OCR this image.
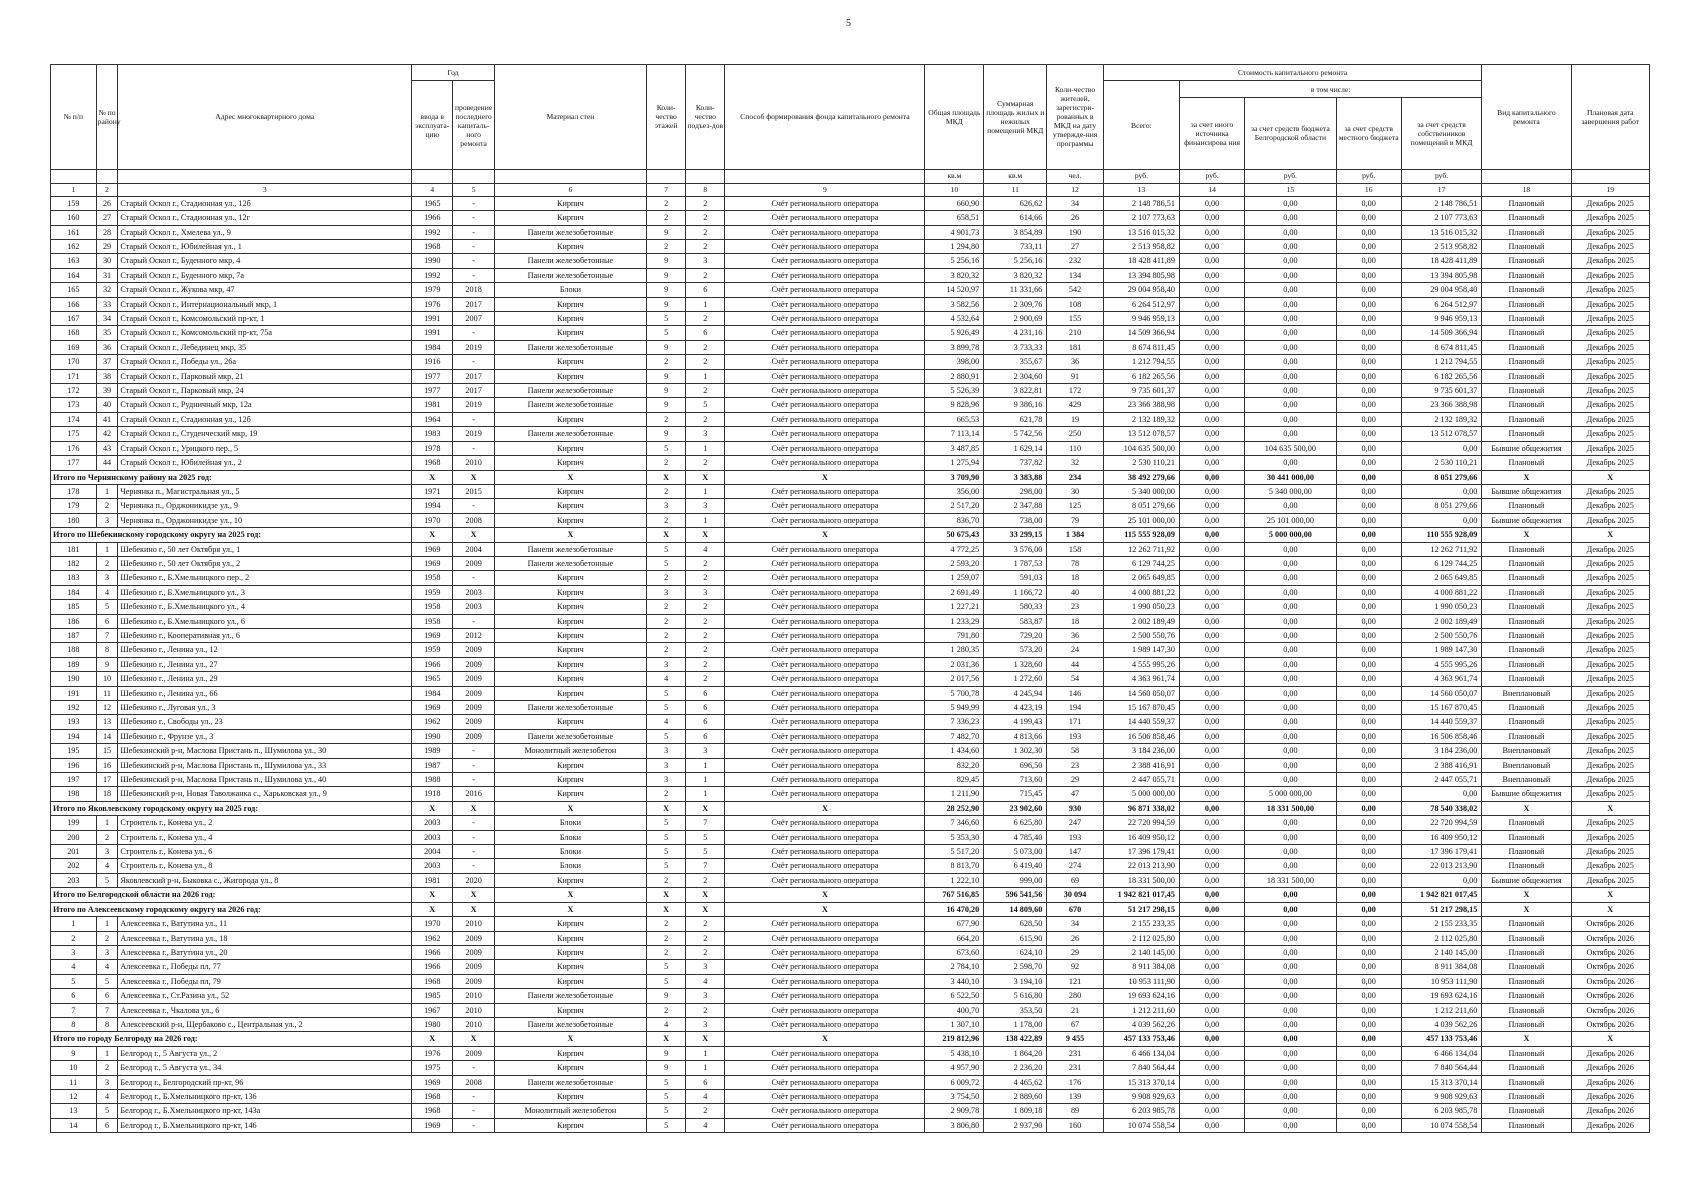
5
№ п/п	№ по району	Адрес многоквартирного дома	Год		Материал стен	Коли-чество этажей	Коли-чество подъез-дов	Способ формирования фонда капитального ремонта	Общая площадь МКД	Суммарная площадь жилых и нежилых помещений МКД	Коли-чество жителей, зарегистри-рованных в МКД на дату утвержде-ния программы	Стоимость капитального ремонта					Вид капитального ремонта	Плановая дата завершения работ
			ввода в эксплуата-цию	проведение последнего капиталь-ного ремонта								Всего:	в том числе:					
													за счет иного источника финансирова ния	за счет средств бюджета Белгородской области	за счет средств местного бюджета	за счет средств собственников помещений в МКД		
									кв.м	кв.м	чел.	руб.	руб.	руб.	руб.	руб.		
1	2	3	4	5	6	7	8	9	10	11	12	13	14	15	16	17	18	19
159	26	Старый Оскол г., Стадионная ул., 12б	1965	-	Кирпич	2	2	Счёт регионального оператора	660,90	626,62	34	2 148 786,51	0,00	0,00	0,00	2 148 786,51	Плановый	Декабрь 2025
160	27	Старый Оскол г., Стадионная ул., 12г	1966	-	Кирпич	2	2	Счёт регионального оператора	658,51	614,66	26	2 107 773,63	0,00	0,00	0,00	2 107 773,63	Плановый	Декабрь 2025
161	28	Старый Оскол г., Хмелева ул., 9	1992	-	Панели железобетонные	9	2	Счёт регионального оператора	4 901,73	3 854,89	190	13 516 015,32	0,00	0,00	0,00	13 516 015,32	Плановый	Декабрь 2025
162	29	Старый Оскол г., Юбилейная ул., 1	1968	-	Кирпич	2	2	Счёт регионального оператора	1 294,80	733,11	27	2 513 958,82	0,00	0,00	0,00	2 513 958,82	Плановый	Декабрь 2025
163	30	Старый Оскол г., Буденного мкр, 4	1990	-	Панели железобетонные	9	3	Счёт регионального оператора	5 256,16	5 256,16	232	18 428 411,89	0,00	0,00	0,00	18 428 411,89	Плановый	Декабрь 2025
164	31	Старый Оскол г., Буденного мкр, 7а	1992	-	Панели железобетонные	9	2	Счёт регионального оператора	3 820,32	3 820,32	134	13 394 805,98	0,00	0,00	0,00	13 394 805,98	Плановый	Декабрь 2025
165	32	Старый Оскол г., Жукова мкр, 47	1979	2018	Блоки	9	6	Счёт регионального оператора	14 520,97	11 331,66	542	29 004 958,40	0,00	0,00	0,00	29 004 958,40	Плановый	Декабрь 2025
166	33	Старый Оскол г., Интернациональный мкр, 1	1976	2017	Кирпич	9	1	Счёт регионального оператора	3 582,56	2 309,76	108	6 264 512,97	0,00	0,00	0,00	6 264 512,97	Плановый	Декабрь 2025
167	34	Старый Оскол г., Комсомольский пр-кт, 1	1991	2007	Кирпич	5	2	Счёт регионального оператора	4 532,64	2 900,69	155	9 946 959,13	0,00	0,00	0,00	9 946 959,13	Плановый	Декабрь 2025
168	35	Старый Оскол г., Комсомольский пр-кт, 75а	1991	-	Кирпич	5	6	Счёт регионального оператора	5 926,49	4 231,16	210	14 509 366,94	0,00	0,00	0,00	14 509 366,94	Плановый	Декабрь 2025
169	36	Старый Оскол г., Лебединец мкр, 35	1984	2019	Панели железобетонные	9	2	Счёт регионального оператора	3 899,78	3 733,33	181	8 674 811,45	0,00	0,00	0,00	8 674 811,45	Плановый	Декабрь 2025
170	37	Старый Оскол г., Победы ул., 26а	1916	-	Кирпич	2	2	Счёт регионального оператора	398,00	355,67	36	1 212 794,55	0,00	0,00	0,00	1 212 794,55	Плановый	Декабрь 2025
171	38	Старый Оскол г., Парковый мкр, 21	1977	2017	Кирпич	9	1	Счёт регионального оператора	2 880,91	2 304,60	91	6 182 265,56	0,00	0,00	0,00	6 182 265,56	Плановый	Декабрь 2025
172	39	Старый Оскол г., Парковый мкр, 24	1977	2017	Панели железобетонные	9	2	Счёт регионального оператора	5 526,39	3 822,81	172	9 735 601,37	0,00	0,00	0,00	9 735 601,37	Плановый	Декабрь 2025
173	40	Старый Оскол г., Рудничный мкр, 12а	1981	2019	Панели железобетонные	9	5	Счёт регионального оператора	9 828,96	9 386,16	429	23 366 388,98	0,00	0,00	0,00	23 366 388,98	Плановый	Декабрь 2025
174	41	Старый Оскол г., Стадионная ул., 12б	1964	-	Кирпич	2	2	Счёт регионального оператора	665,53	621,78	19	2 132 189,32	0,00	0,00	0,00	2 132 189,32	Плановый	Декабрь 2025
175	42	Старый Оскол г., Студенческий мкр, 19	1983	2019	Панели железобетонные	9	3	Счёт регионального оператора	7 113,14	5 742,56	250	13 512 078,57	0,00	0,00	0,00	13 512 078,57	Плановый	Декабрь 2025
176	43	Старый Оскол г., Урицкого пер., 5	1978	-	Кирпич	5	1	Счёт регионального оператора	3 487,85	1 629,14	110	104 635 500,00	0,00	104 635 500,00	0,00	0,00	Бывшие общежития	Декабрь 2025
177	44	Старый Оскол г., Юбилейная ул., 2	1968	2010	Кирпич	2	2	Счёт регионального оператора	1 275,94	737,82	32	2 530 110,21	0,00	0,00	0,00	2 530 110,21	Плановый	Декабрь 2025
Итого по Чернянскому району на 2025 год:			X	X	X	X	X	X	3 709,90	3 383,88	234	38 492 279,66	0,00	30 441 000,00	0,00	8 051 279,66	X	X
178	1	Чернянка п., Магистральная ул., 5	1971	2015	Кирпич	2	1	Счёт регионального оператора	356,00	298,00	30	5 340 000,00	0,00	5 340 000,00	0,00	0,00	Бывшие общежития	Декабрь 2025
179	2	Чернянка п., Орджоникидзе ул., 9	1994	-	Кирпич	3	3	Счёт регионального оператора	2 517,20	2 347,88	125	8 051 279,66	0,00	0,00	0,00	8 051 279,66	Плановый	Декабрь 2025
180	3	Чернянка п., Орджоникидзе ул., 10	1970	2008	Кирпич	2	1	Счёт регионального оператора	836,70	738,00	79	25 101 000,00	0,00	25 101 000,00	0,00	0,00	Бывшие общежития	Декабрь 2025
Итого по Шебекинскому городскому округу на 2025 год:			X	X	X	X	X	X	50 675,43	33 299,15	1 384	115 555 928,09	0,00	5 000 000,00	0,00	110 555 928,09	X	X
181	1	Шебекино г., 50 лет Октября ул., 1	1969	2004	Панели железобетонные	5	4	Счёт регионального оператора	4 772,25	3 576,00	158	12 262 711,92	0,00	0,00	0,00	12 262 711,92	Плановый	Декабрь 2025
182	2	Шебекино г., 50 лет Октября ул., 2	1969	2009	Панели железобетонные	5	2	Счёт регионального оператора	2 593,20	1 787,53	78	6 129 744,25	0,00	0,00	0,00	6 129 744,25	Плановый	Декабрь 2025
183	3	Шебекино г., Б.Хмельницкого пер., 2	1958	-	Кирпич	2	2	Счёт регионального оператора	1 259,07	591,03	18	2 065 649,85	0,00	0,00	0,00	2 065 649,85	Плановый	Декабрь 2025
184	4	Шебекино г., Б.Хмельницкого ул., 3	1959	2003	Кирпич	3	3	Счёт регионального оператора	2 691,49	1 166,72	40	4 000 881,22	0,00	0,00	0,00	4 000 881,22	Плановый	Декабрь 2025
185	5	Шебекино г., Б.Хмельницкого ул., 4	1958	2003	Кирпич	2	2	Счёт регионального оператора	1 227,21	580,33	23	1 990 050,23	0,00	0,00	0,00	1 990 050,23	Плановый	Декабрь 2025
186	6	Шебекино г., Б.Хмельницкого ул., 6	1958	-	Кирпич	2	2	Счёт регионального оператора	1 233,29	583,87	18	2 002 189,49	0,00	0,00	0,00	2 002 189,49	Плановый	Декабрь 2025
187	7	Шебекино г., Кооперативная ул., 6	1969	2012	Кирпич	2	2	Счёт регионального оператора	791,80	729,20	36	2 500 550,76	0,00	0,00	0,00	2 500 550,76	Плановый	Декабрь 2025
188	8	Шебекино г., Ленина ул., 12	1959	2009	Кирпич	2	2	Счёт регионального оператора	1 280,35	573,20	24	1 989 147,30	0,00	0,00	0,00	1 989 147,30	Плановый	Декабрь 2025
189	9	Шебекино г., Ленина ул., 27	1966	2009	Кирпич	3	2	Счёт регионального оператора	2 031,36	1 328,60	44	4 555 995,26	0,00	0,00	0,00	4 555 995,26	Плановый	Декабрь 2025
190	10	Шебекино г., Ленина ул., 29	1965	2009	Кирпич	4	2	Счёт регионального оператора	2 017,56	1 272,60	54	4 363 961,74	0,00	0,00	0,00	4 363 961,74	Плановый	Декабрь 2025
191	11	Шебекино г., Ленина ул., 66	1984	2009	Кирпич	5	6	Счёт регионального оператора	5 700,78	4 245,94	146	14 560 050,07	0,00	0,00	0,00	14 560 050,07	Внеплановый	Декабрь 2025
192	12	Шебекино г., Луговая ул., 3	1969	2009	Панели железобетонные	5	6	Счёт регионального оператора	5 949,99	4 423,19	194	15 167 870,45	0,00	0,00	0,00	15 167 870,45	Плановый	Декабрь 2025
193	13	Шебекино г., Свободы ул., 23	1962	2009	Кирпич	4	6	Счёт регионального оператора	7 336,23	4 199,43	171	14 440 559,37	0,00	0,00	0,00	14 440 559,37	Плановый	Декабрь 2025
194	14	Шебекино г., Фрунзе ул., 3	1990	2009	Панели железобетонные	5	6	Счёт регионального оператора	7 482,70	4 813,66	193	16 506 858,46	0,00	0,00	0,00	16 506 858,46	Плановый	Декабрь 2025
195	15	Шебекинский р-н, Маслова Пристань п., Шумилова ул., 30	1989	-	Монолитный железобетон	3	3	Счёт регионального оператора	1 434,60	1 302,30	58	3 184 236,00	0,00	0,00	0,00	3 184 236,00	Внеплановый	Декабрь 2025
196	16	Шебекинский р-н, Маслова Пристань п., Шумилова ул., 33	1987	-	Кирпич	3	1	Счёт регионального оператора	832,20	696,50	23	2 388 416,91	0,00	0,00	0,00	2 388 416,91	Внеплановый	Декабрь 2025
197	17	Шебекинский р-н, Маслова Пристань п., Шумилова ул., 40	1988	-	Кирпич	3	1	Счёт регионального оператора	829,45	713,60	29	2 447 055,71	0,00	0,00	0,00	2 447 055,71	Внеплановый	Декабрь 2025
198	18	Шебекинский р-н, Новая Таволжанка с., Харьковская ул., 9	1918	2016	Кирпич	2	1	Счёт регионального оператора	1 211,90	715,45	47	5 000 000,00	0,00	5 000 000,00	0,00	0,00	Бывшие общежития	Декабрь 2025
Итого по Яковлевскому городскому округу на 2025 год:			X	X	X	X	X	X	28 252,90	23 902,60	930	96 871 338,02	0,00	18 331 500,00	0,00	78 540 338,02	X	X
199	1	Строитель г., Конева ул., 2	2003	-	Блоки	5	7	Счёт регионального оператора	7 346,60	6 625,80	247	22 720 994,59	0,00	0,00	0,00	22 720 994,59	Плановый	Декабрь 2025
200	2	Строитель г., Конева ул., 4	2003	-	Блоки	5	5	Счёт регионального оператора	5 353,30	4 785,40	193	16 409 950,12	0,00	0,00	0,00	16 409 950,12	Плановый	Декабрь 2025
201	3	Строитель г., Конева ул., 6	2004	-	Блоки	5	5	Счёт регионального оператора	5 517,20	5 073,00	147	17 396 179,41	0,00	0,00	0,00	17 396 179,41	Плановый	Декабрь 2025
202	4	Строитель г., Конева ул., 8	2003	-	Блоки	5	7	Счёт регионального оператора	8 813,70	6 419,40	274	22 013 213,90	0,00	0,00	0,00	22 013 213,90	Плановый	Декабрь 2025
203	5	Яковлевский р-н, Быковка с., Жигорода ул., 8	1981	2020	Кирпич	2	2	Счёт регионального оператора	1 222,10	999,00	69	18 331 500,00	0,00	18 331 500,00	0,00	0,00	Бывшие общежития	Декабрь 2025
Итого по Белгородской области на 2026 год:			X	X	X	X	X	X	767 516,85	596 541,56	30 094	1 942 821 017,45	0,00	0,00	0,00	1 942 821 017,45	X	X
Итого по Алексеевскому городскому округу на 2026 год:			X	X	X	X	X	X	16 470,20	14 809,60	670	51 217 298,15	0,00	0,00	0,00	51 217 298,15	X	X
1	1	Алексеевка г., Ватутина ул., 11	1970	2010	Кирпич	2	2	Счёт регионального оператора	677,90	628,50	34	2 155 233,35	0,00	0,00	0,00	2 155 233,35	Плановый	Октябрь 2026
2	2	Алексеевка г., Ватутина ул., 18	1962	2009	Кирпич	2	2	Счёт регионального оператора	664,20	615,90	26	2 112 025,80	0,00	0,00	0,00	2 112 025,80	Плановый	Октябрь 2026
3	3	Алексеевка г., Ватутина ул., 20	1966	2009	Кирпич	2	2	Счёт регионального оператора	673,60	624,10	29	2 140 145,00	0,00	0,00	0,00	2 140 145,00	Плановый	Октябрь 2026
4	4	Алексеевка г., Победы пл, 77	1966	2009	Кирпич	5	3	Счёт регионального оператора	2 784,10	2 598,70	92	8 911 384,08	0,00	0,00	0,00	8 911 384,08	Плановый	Октябрь 2026
5	5	Алексеевка г., Победы пл, 79	1968	2009	Кирпич	5	4	Счёт регионального оператора	3 440,10	3 194,10	121	10 953 111,90	0,00	0,00	0,00	10 953 111,90	Плановый	Октябрь 2026
6	6	Алексеевка г., Ст.Разина ул., 52	1985	2010	Панели железобетонные	9	3	Счёт регионального оператора	6 522,50	5 616,80	280	19 693 624,16	0,00	0,00	0,00	19 693 624,16	Плановый	Октябрь 2026
7	7	Алексеевка г., Чкалова ул., 6	1967	2010	Кирпич	2	2	Счёт регионального оператора	400,70	353,50	21	1 212 211,60	0,00	0,00	0,00	1 212 211,60	Плановый	Октябрь 2026
8	8	Алексеевский р-н, Щербаково с., Центральная ул., 2	1980	2010	Панели железобетонные	4	3	Счёт регионального оператора	1 307,10	1 178,00	67	4 039 562,26	0,00	0,00	0,00	4 039 562,26	Плановый	Октябрь 2026
Итого по городу Белгороду на 2026 год:			X	X	X	X	X	X	219 812,96	138 422,89	9 455	457 133 753,46	0,00	0,00	0,00	457 133 753,46	X	X
9	1	Белгород г., 5 Августа ул., 2	1976	2009	Кирпич	9	1	Счёт регионального оператора	5 438,10	1 864,20	231	6 466 134,04	0,00	0,00	0,00	6 466 134,04	Плановый	Декабрь 2026
10	2	Белгород г., 5 Августа ул., 34	1975	-	Кирпич	9	1	Счёт регионального оператора	4 957,90	2 236,20	231	7 840 564,44	0,00	0,00	0,00	7 840 564,44	Плановый	Декабрь 2026
11	3	Белгород г., Белгородский пр-кт, 96	1969	2008	Панели железобетонные	5	6	Счёт регионального оператора	6 009,72	4 465,62	176	15 313 370,14	0,00	0,00	0,00	15 313 370,14	Плановый	Декабрь 2026
12	4	Белгород г., Б.Хмельницкого пр-кт, 136	1968	-	Кирпич	5	4	Счёт регионального оператора	3 754,50	2 889,60	139	9 908 929,63	0,00	0,00	0,00	9 908 929,63	Плановый	Декабрь 2026
13	5	Белгород г., Б.Хмельницкого пр-кт, 143а	1968	-	Монолитный железобетон	5	2	Счёт регионального оператора	2 909,78	1 809,18	89	6 203 985,78	0,00	0,00	0,00	6 203 985,78	Плановый	Декабрь 2026
14	6	Белгород г., Б.Хмельницкого пр-кт, 146	1969	-	Кирпич	5	4	Счёт регионального оператора	3 806,80	2 937,90	160	10 074 558,54	0,00	0,00	0,00	10 074 558,54	Плановый	Декабрь 2026
